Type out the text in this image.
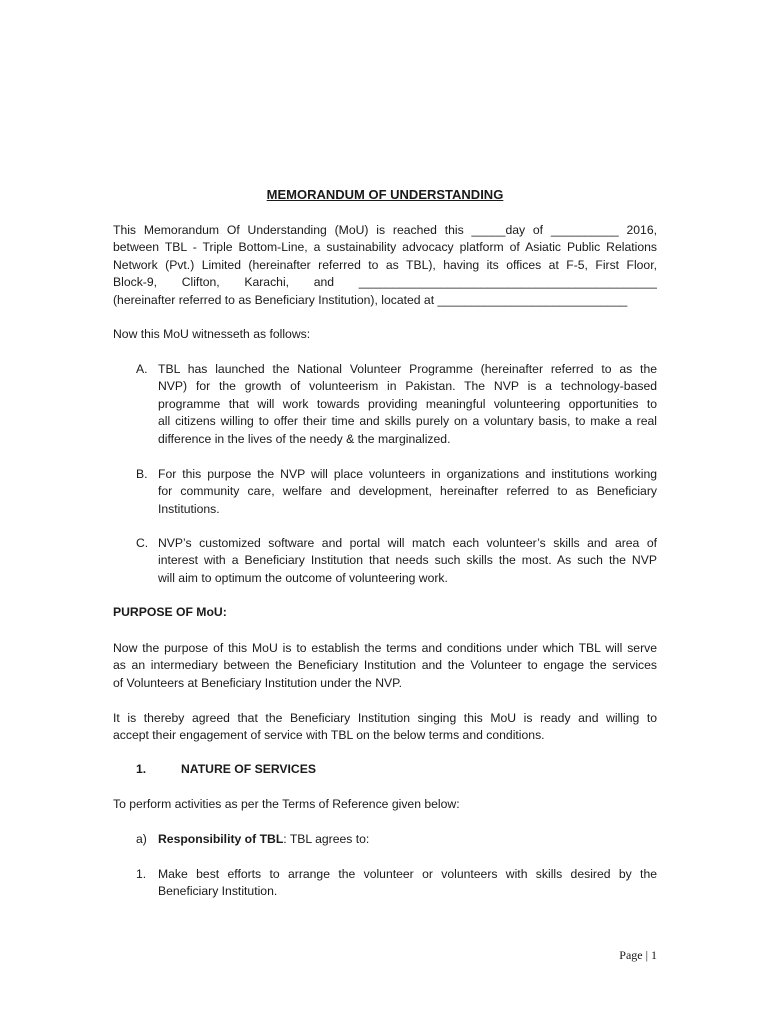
MEMORANDUM OF UNDERSTANDING

This Memorandum Of Understanding (MoU) is reached this _____day of __________ 2016,
between TBL - Triple Bottom-Line, a sustainability advocacy platform of Asiatic Public Relations
Network (Pvt.) Limited (hereinafter referred to as TBL), having its offices at F-5, First Floor,
Block-9, Clifton, Karachi, and ____________________________________________
(hereinafter referred to as Beneficiary Institution), located at ____________________________

Now this MoU witnesseth as follows:

A. TBL has launched the National Volunteer Programme (hereinafter referred to as the
NVP) for the growth of volunteerism in Pakistan. The NVP is a technology-based
programme that will work towards providing meaningful volunteering opportunities to
all citizens willing to offer their time and skills purely on a voluntary basis, to make a real
difference in the lives of the needy & the marginalized.
B. For this purpose the NVP will place volunteers in organizations and institutions working
for community care, welfare and development, hereinafter referred to as Beneficiary
Institutions.
C. NVP’s customized software and portal will match each volunteer’s skills and area of
interest with a Beneficiary Institution that needs such skills the most. As such the NVP
will aim to optimum the outcome of volunteering work.
PURPOSE OF MoU:

Now the purpose of this MoU is to establish the terms and conditions under which TBL will serve
as an intermediary between the Beneficiary Institution and the Volunteer to engage the services
of Volunteers at Beneficiary Institution under the NVP.

It is thereby agreed that the Beneficiary Institution singing this MoU is ready and willing to
accept their engagement of service with TBL on the below terms and conditions.

1.	NATURE OF SERVICES

To perform activities as per the Terms of Reference given below:

a) Responsibility of TBL: TBL agrees to:
1. Make best efforts to arrange the volunteer or volunteers with skills desired by the
Beneficiary Institution.
Page | 1
